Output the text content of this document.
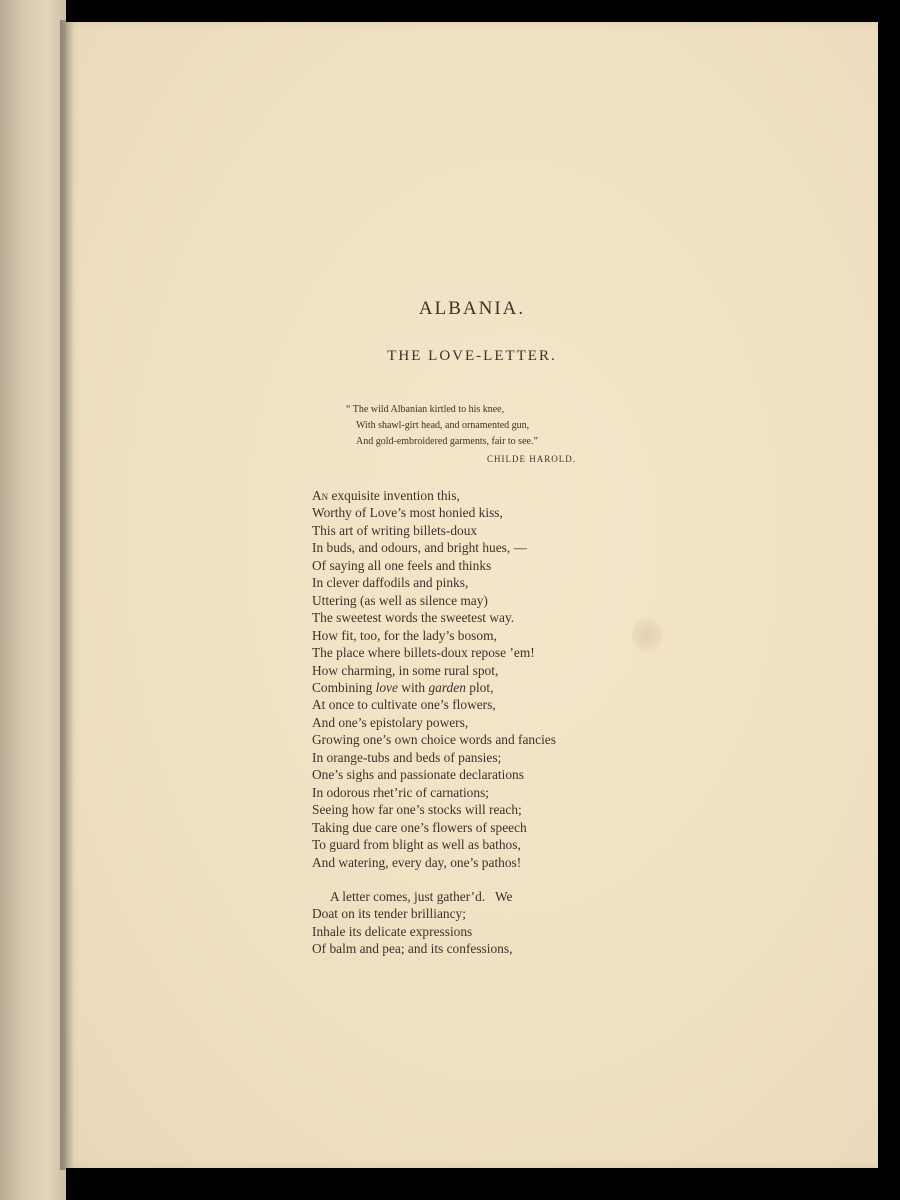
ALBANIA.
THE LOVE-LETTER.
“ The wild Albanian kirtled to his knee,
With shawl-girt head, and ornamented gun,
And gold-embroidered garments, fair to see.”
CHILDE HAROLD.
An exquisite invention this,
Worthy of Love’s most honied kiss,
This art of writing billets-doux
In buds, and odours, and bright hues, —
Of saying all one feels and thinks
In clever daffodils and pinks,
Uttering (as well as silence may)
The sweetest words the sweetest way.
How fit, too, for the lady’s bosom,
The place where billets-doux repose ’em!
How charming, in some rural spot,
Combining love with garden plot,
At once to cultivate one’s flowers,
And one’s epistolary powers,
Growing one’s own choice words and fancies
In orange-tubs and beds of pansies;
One’s sighs and passionate declarations
In odorous rhet’ric of carnations;
Seeing how far one’s stocks will reach;
Taking due care one’s flowers of speech
To guard from blight as well as bathos,
And watering, every day, one’s pathos!
A letter comes, just gather’d.   We
Doat on its tender brilliancy;
Inhale its delicate expressions
Of balm and pea; and its confessions,
